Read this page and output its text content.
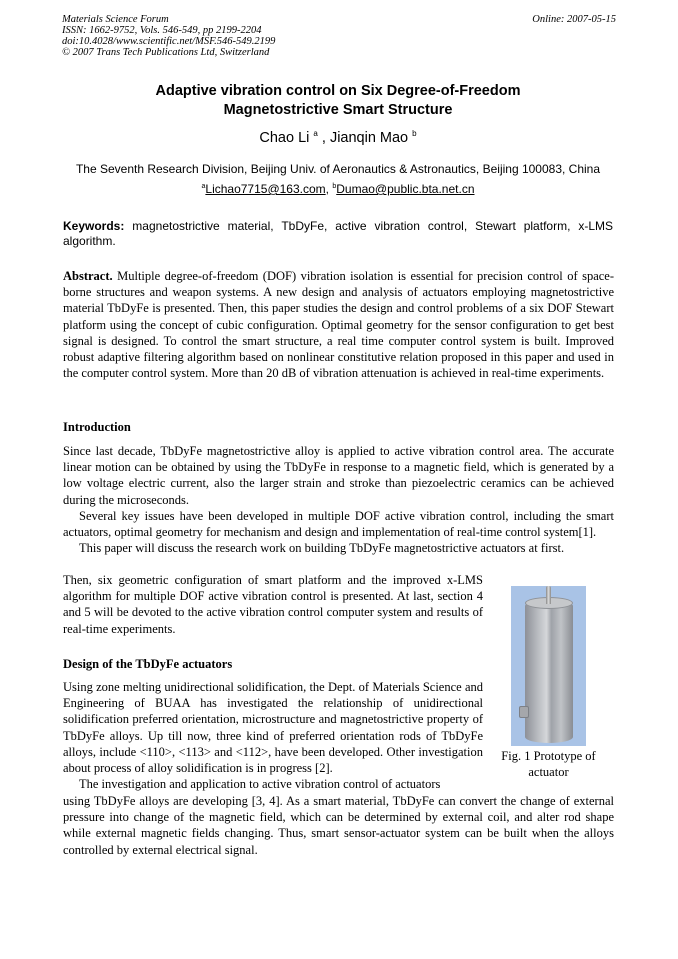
Materials Science Forum
ISSN: 1662-9752, Vols. 546-549, pp 2199-2204
doi:10.4028/www.scientific.net/MSF.546-549.2199
© 2007 Trans Tech Publications Ltd, Switzerland
Online: 2007-05-15
Adaptive vibration control on Six Degree-of-Freedom
Magnetostrictive Smart Structure
Chao Li $^a$ , Jianqin Mao $^b$
The Seventh Research Division, Beijing Univ. of Aeronautics & Astronautics, Beijing 100083, China
$^a$Lichao7715@163.com, $^b$Dumao@public.bta.net.cn
Keywords: magnetostrictive material, TbDyFe, active vibration control, Stewart platform, x-LMS algorithm.

Abstract. Multiple degree-of-freedom (DOF) vibration isolation is essential for precision control of space-borne structures and weapon systems. A new design and analysis of actuators employing magnetostrictive material TbDyFe is presented. Then, this paper studies the design and control problems of a six DOF Stewart platform using the concept of cubic configuration. Optimal geometry for the sensor configuration to get best signal is designed. To control the smart structure, a real time computer control system is built. Improved robust adaptive filtering algorithm based on nonlinear constitutive relation proposed in this paper and used in the computer control system. More than 20 dB of vibration attenuation is achieved in real-time experiments.

Introduction

Since last decade, TbDyFe magnetostrictive alloy is applied to active vibration control area. The accurate linear motion can be obtained by using the TbDyFe in response to a magnetic field, which is generated by a low voltage electric current, also the larger strain and stroke than piezoelectric ceramics can be achieved during the microseconds.

Several key issues have been developed in multiple DOF active vibration control, including the smart actuators, optimal geometry for mechanism and design and implementation of real-time control system[1].

This paper will discuss the research work on building TbDyFe magnetostrictive actuators at first.

Then, six geometric configuration of smart platform and the improved x-LMS algorithm for multiple DOF active vibration control is presented. At last, section 4 and 5 will be devoted to the active vibration control computer system and results of real-time experiments.

Design of the TbDyFe actuators

Using zone melting unidirectional solidification, the Dept. of Materials Science and Engineering of BUAA has investigated the relationship of unidirectional solidification preferred orientation, microstructure and magnetostrictive property of TbDyFe alloys. Up till now, three kind of preferred orientation rods of TbDyFe alloys, include <110>, <113> and <112>, have been developed. Other investigation about process of alloy solidification is in progress [2].

The investigation and application to active vibration control of actuators

using TbDyFe alloys are developing [3, 4]. As a smart material, TbDyFe can convert the change of external pressure into change of the magnetic field, which can be determined by external coil, and alter rod shape while external magnetic fields changing. Thus, smart sensor-actuator system can be built when the alloys controlled by external electrical signal.

Fig. 1 Prototype of actuator
